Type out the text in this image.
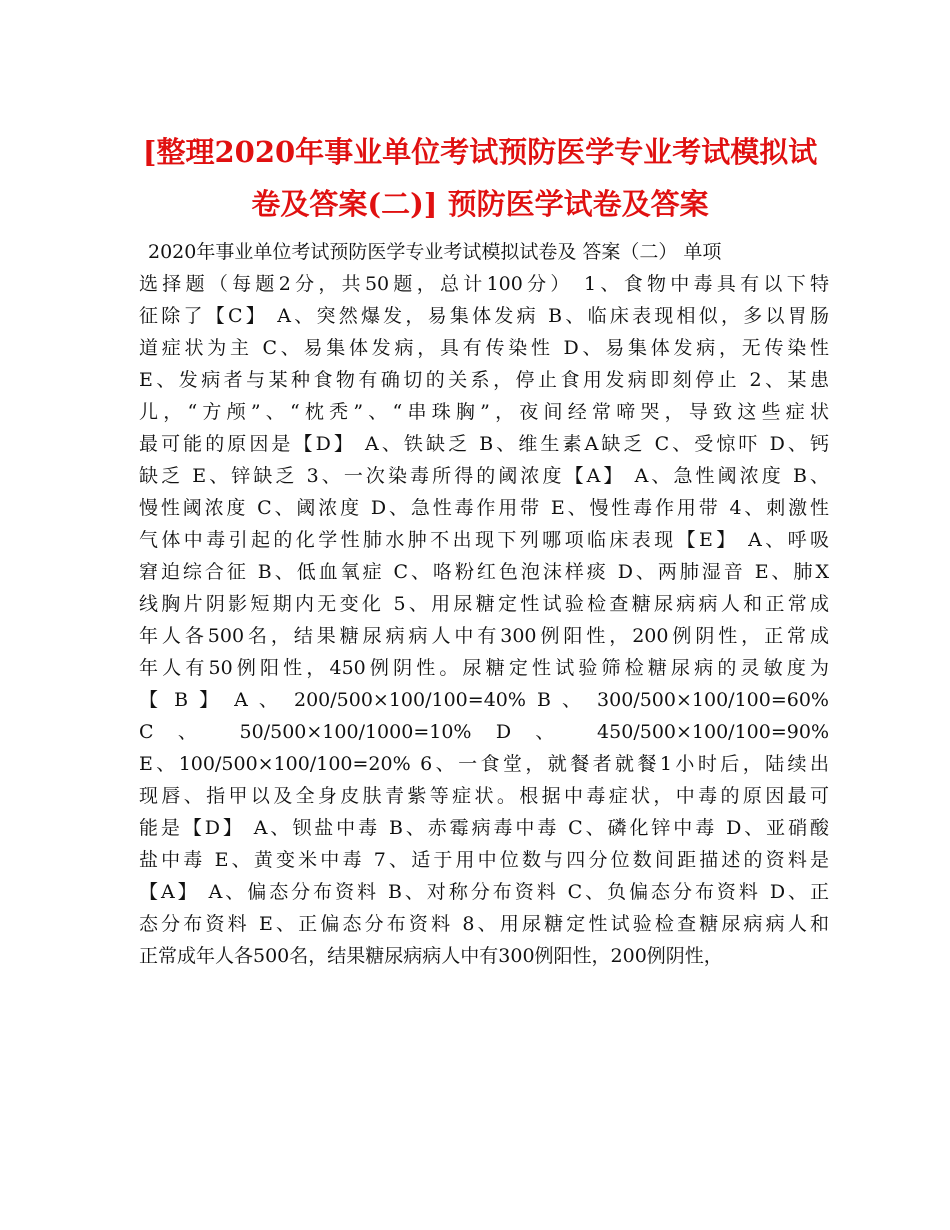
[整理2020年事业单位考试预防医学专业考试模拟试
卷及答案(二)] 预防医学试卷及答案
2020年事业单位考试预防医学专业考试模拟试卷及 答案（二） 单项
选择题（每题2分，共50题，总计100分） 1、食物中毒具有以下特
征除了【C】 A、突然爆发，易集体发病 B、临床表现相似，多以胃肠
道症状为主 C、易集体发病，具有传染性 D、易集体发病，无传染性
E、发病者与某种食物有确切的关系，停止食用发病即刻停止 2、某患
儿，“方颅”、“枕秃”、“串珠胸”，夜间经常啼哭，导致这些症状
最可能的原因是【D】 A、铁缺乏 B、维生素A缺乏 C、受惊吓 D、钙
缺乏 E、锌缺乏 3、一次染毒所得的阈浓度【A】 A、急性阈浓度 B、
慢性阈浓度 C、阈浓度 D、急性毒作用带 E、慢性毒作用带 4、刺激性
气体中毒引起的化学性肺水肿不出现下列哪项临床表现【E】 A、呼吸
窘迫综合征 B、低血氧症 C、咯粉红色泡沫样痰 D、两肺湿音 E、肺X
线胸片阴影短期内无变化 5、用尿糖定性试验检查糖尿病病人和正常成
年人各500名，结果糖尿病病人中有300例阳性，200例阴性，正常成
年人有50例阳性，450例阴性。尿糖定性试验筛检糖尿病的灵敏度为
【 B 】 A 、 200/500×100/100=40% B 、 300/500×100/100=60%
C 、 50/500×100/1000=10% D 、 450/500×100/100=90%
E、100/500×100/100=20% 6、一食堂，就餐者就餐1小时后，陆续出
现唇、指甲以及全身皮肤青紫等症状。根据中毒症状，中毒的原因最可
能是【D】 A、钡盐中毒 B、赤霉病毒中毒 C、磷化锌中毒 D、亚硝酸
盐中毒 E、黄变米中毒 7、适于用中位数与四分位数间距描述的资料是
【A】 A、偏态分布资料 B、对称分布资料 C、负偏态分布资料 D、正
态分布资料 E、正偏态分布资料 8、用尿糖定性试验检查糖尿病病人和
正常成年人各500名，结果糖尿病病人中有300例阳性，200例阴性，
